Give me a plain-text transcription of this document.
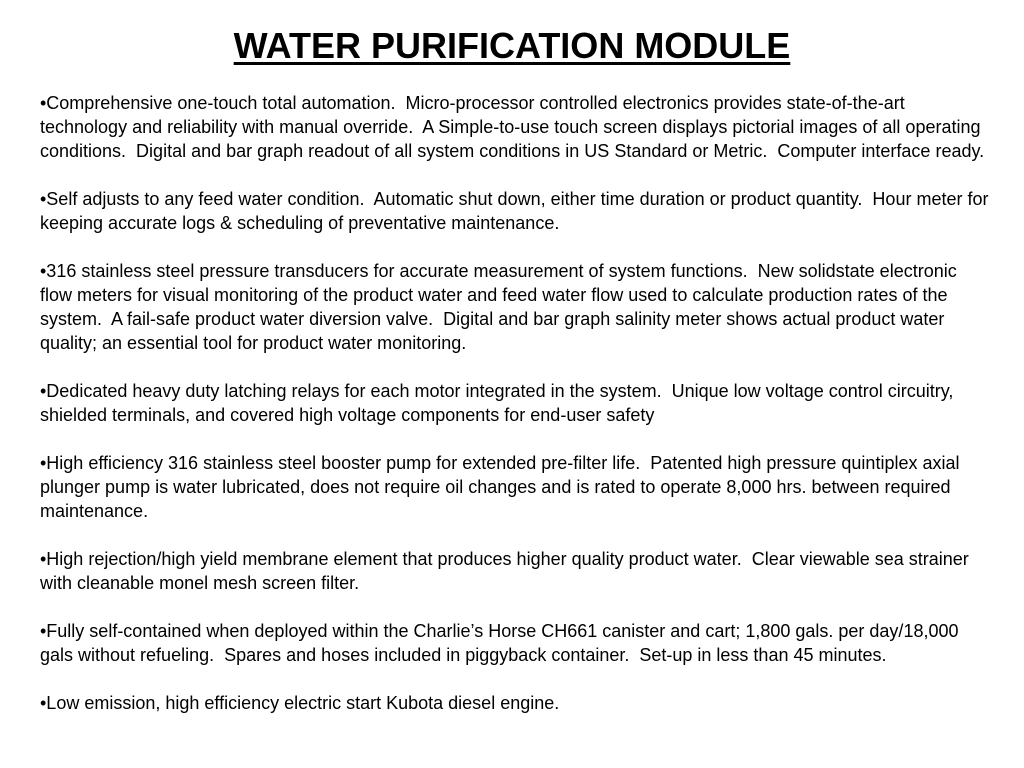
WATER PURIFICATION MODULE

•Comprehensive one-touch total automation.  Micro-processor controlled electronics provides state-of-the-art technology and reliability with manual override.  A Simple-to-use touch screen displays pictorial images of all operating conditions.  Digital and bar graph readout of all system conditions in US Standard or Metric.  Computer interface ready.

•Self adjusts to any feed water condition.  Automatic shut down, either time duration or product quantity.  Hour meter for keeping accurate logs & scheduling of preventative maintenance.

•316 stainless steel pressure transducers for accurate measurement of system functions.  New solidstate electronic flow meters for visual monitoring of the product water and feed water flow used to calculate production rates of the system.  A fail-safe product water diversion valve.  Digital and bar graph salinity meter shows actual product water quality; an essential tool for product water monitoring.

•Dedicated heavy duty latching relays for each motor integrated in the system.  Unique low voltage control circuitry, shielded terminals, and covered high voltage components for end-user safety

•High efficiency 316 stainless steel booster pump for extended pre-filter life.  Patented high pressure quintiplex axial plunger pump is water lubricated, does not require oil changes and is rated to operate 8,000 hrs. between required maintenance.

•High rejection/high yield membrane element that produces higher quality product water.  Clear viewable sea strainer with cleanable monel mesh screen filter.

•Fully self-contained when deployed within the Charlie’s Horse CH661 canister and cart; 1,800 gals. per day/18,000 gals without refueling.  Spares and hoses included in piggyback container.  Set-up in less than 45 minutes.

•Low emission, high efficiency electric start Kubota diesel engine.
